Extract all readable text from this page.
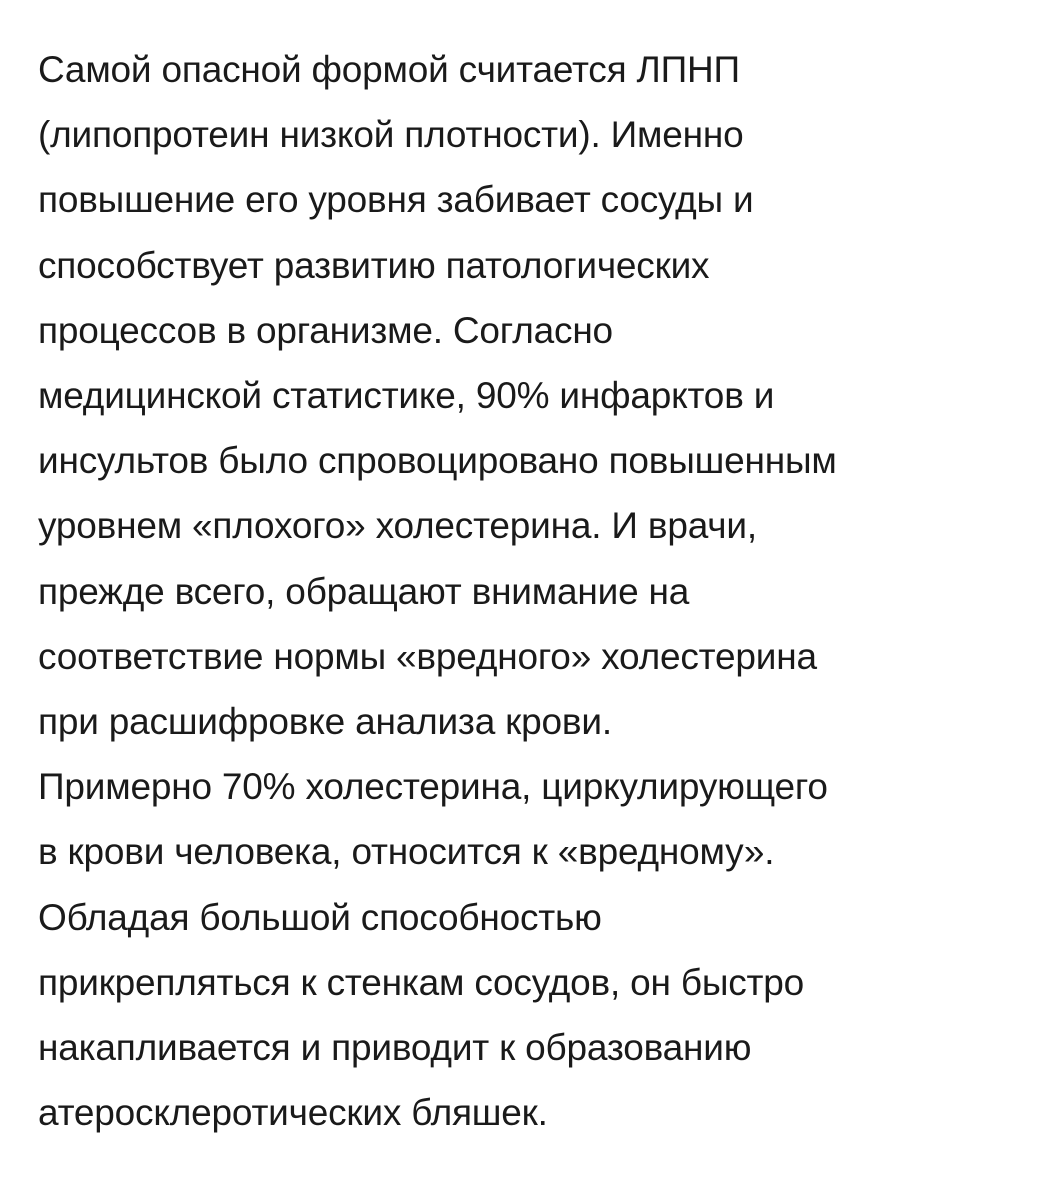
Самой опасной формой считается ЛПНП
(липопротеин низкой плотности). Именно
повышение его уровня забивает сосуды и
способствует развитию патологических
процессов в организме. Согласно
медицинской статистике, 90% инфарктов и
инсультов было спровоцировано повышенным
уровнем «плохого» холестерина. И врачи,
прежде всего, обращают внимание на
соответствие нормы «вредного» холестерина
при расшифровке анализа крови.
Примерно 70% холестерина, циркулирующего
в крови человека, относится к «вредному».
Обладая большой способностью
прикрепляться к стенкам сосудов, он быстро
накапливается и приводит к образованию
атеросклеротических бляшек.
